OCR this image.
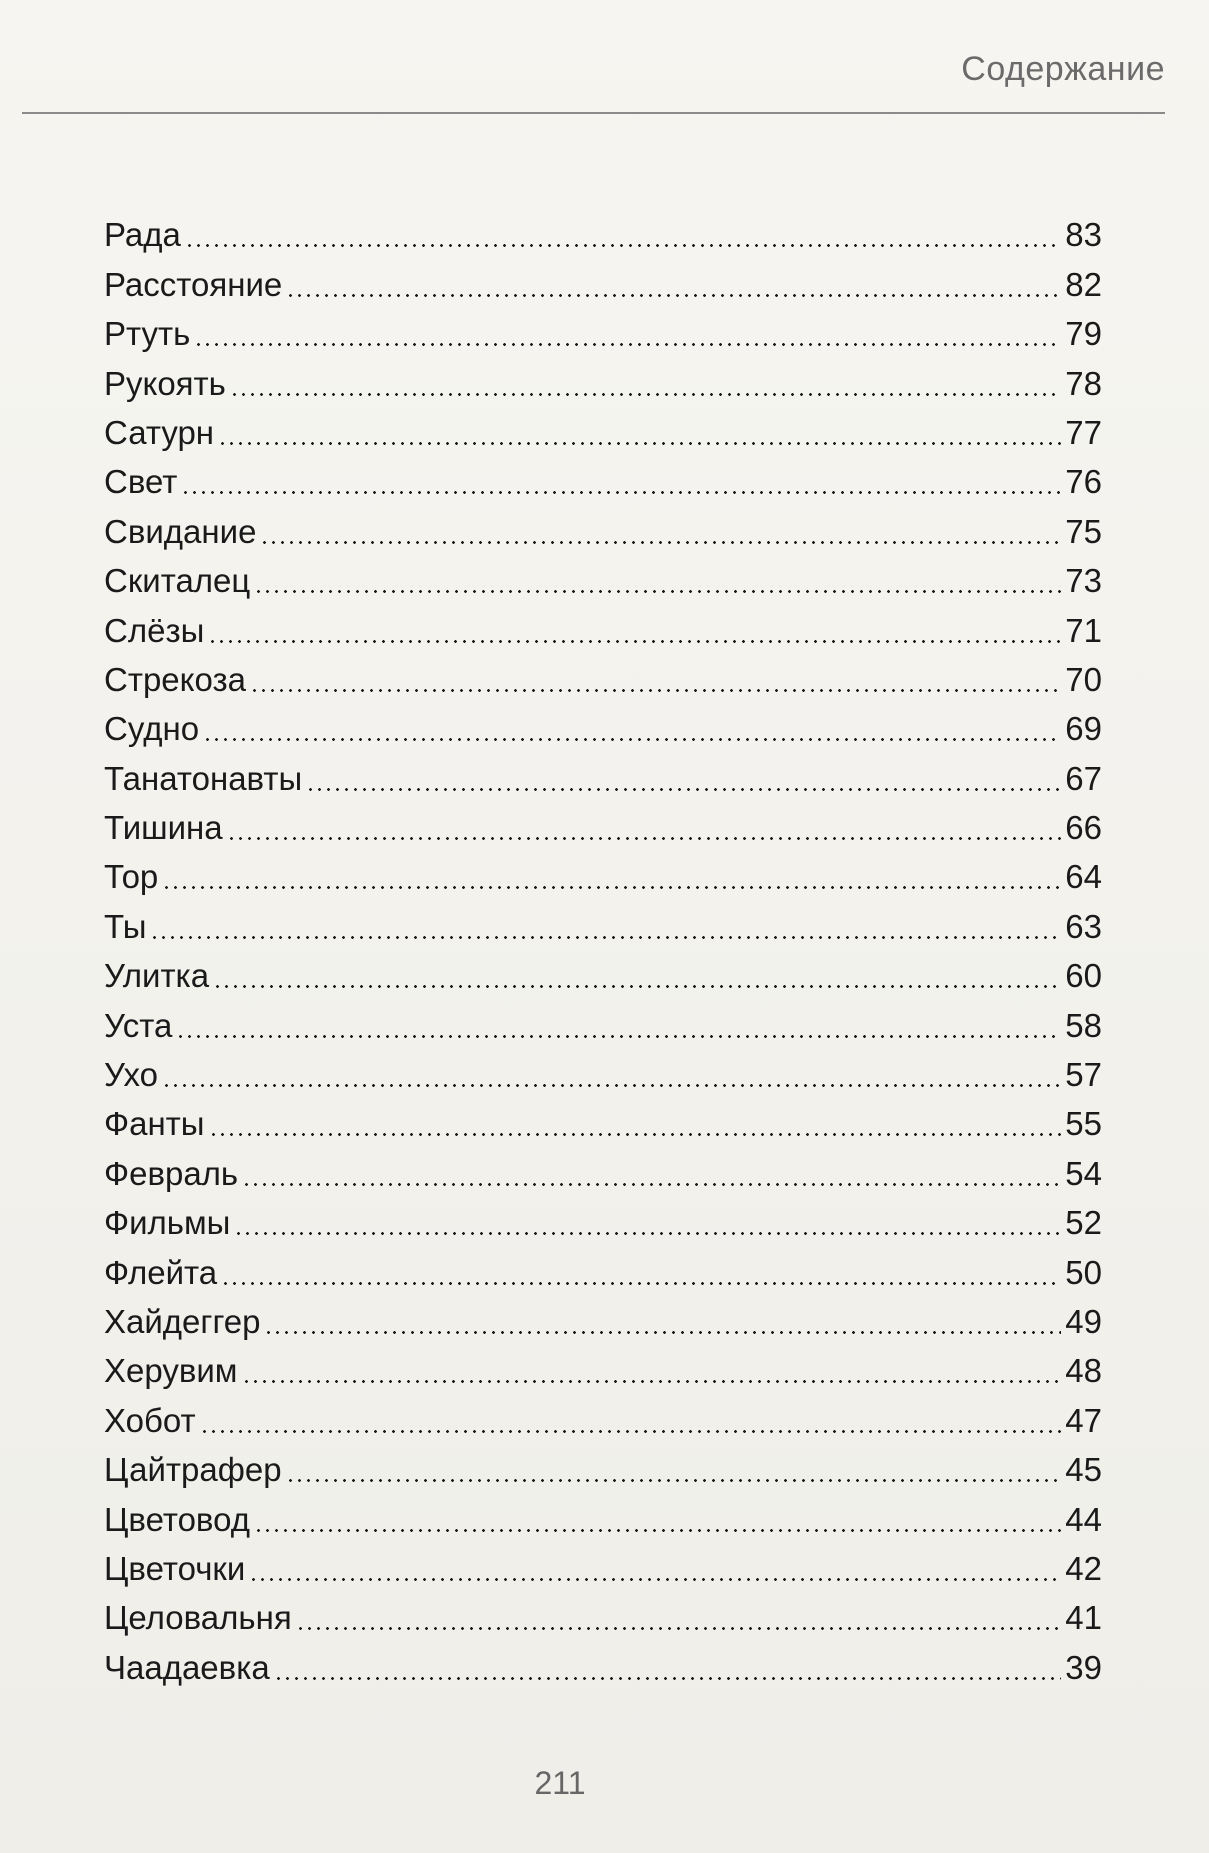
Содержание
Рада	83
Расстояние	82
Ртуть	79
Рукоять	78
Сатурн	77
Свет	76
Свидание	75
Скиталец	73
Слёзы	71
Стрекоза	70
Судно	69
Танатонавты	67
Тишина	66
Тор	64
Ты	63
Улитка	60
Уста	58
Ухо	57
Фанты	55
Февраль	54
Фильмы	52
Флейта	50
Хайдеггер	49
Херувим	48
Хобот	47
Цайтрафер	45
Цветовод	44
Цветочки	42
Целовальня	41
Чаадаевка	39
211
